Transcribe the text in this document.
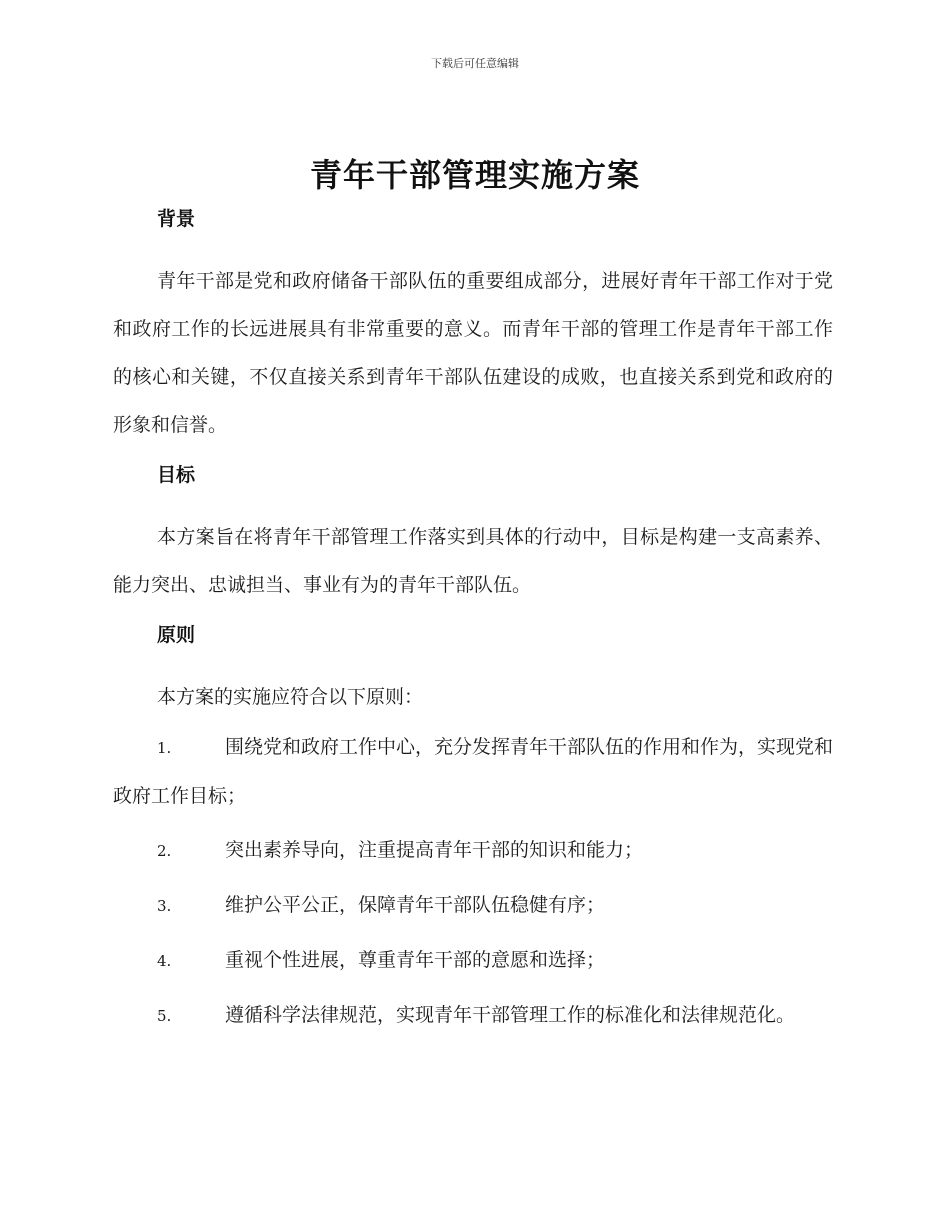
下载后可任意编辑
青年干部管理实施方案
背景

青年干部是党和政府储备干部队伍的重要组成部分，进展好青年干部工作对于党和政府工作的长远进展具有非常重要的意义。而青年干部的管理工作是青年干部工作的核心和关键，不仅直接关系到青年干部队伍建设的成败，也直接关系到党和政府的形象和信誉。

目标

本方案旨在将青年干部管理工作落实到具体的行动中，目标是构建一支高素养、能力突出、忠诚担当、事业有为的青年干部队伍。

原则

本方案的实施应符合以下原则：

1.	围绕党和政府工作中心，充分发挥青年干部队伍的作用和作为，实现党和政府工作目标；
2.	突出素养导向，注重提高青年干部的知识和能力；
3.	维护公平公正，保障青年干部队伍稳健有序；
4.	重视个性进展，尊重青年干部的意愿和选择；
5.	遵循科学法律规范，实现青年干部管理工作的标准化和法律规范化。
